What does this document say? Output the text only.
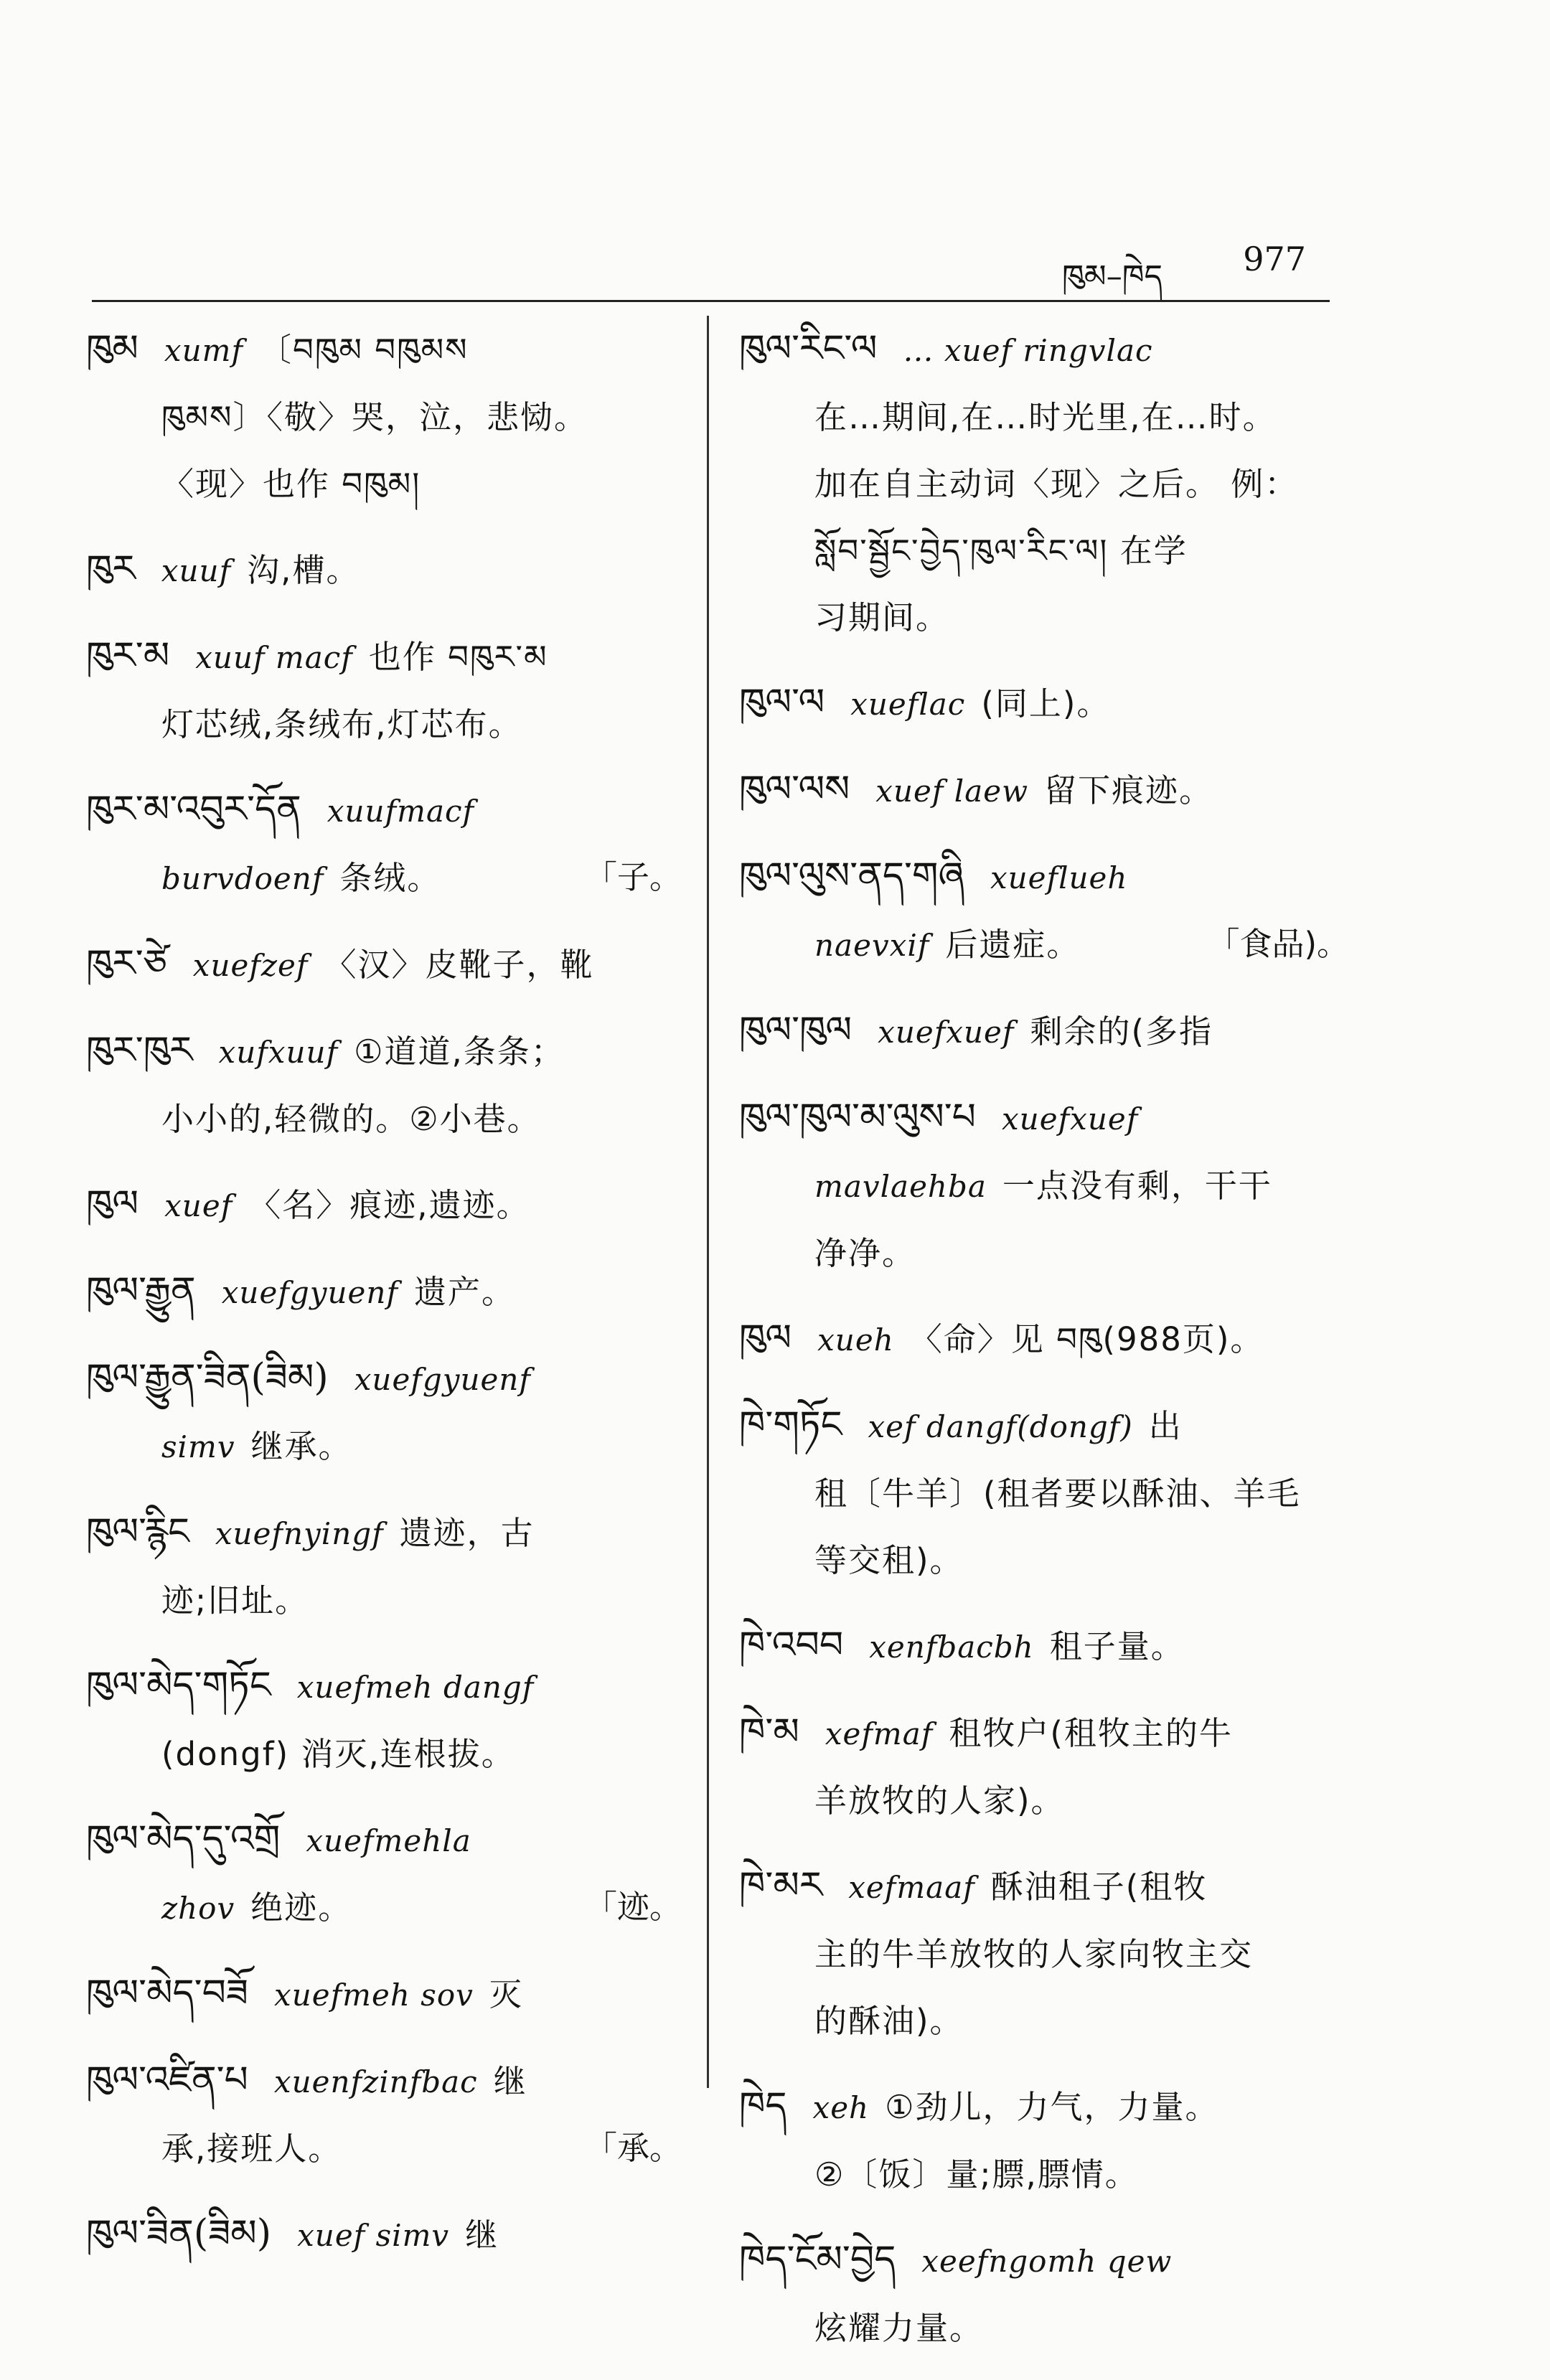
ཁུམ–ཁེད 977
ཁུམ xumf 〔བཁུམ བཁུམས
ཁུམས〕〈敬〉哭，泣，悲恸。
〈现〉也作 བཁུམ།
ཁུར xuuf 沟,槽。
ཁུར་མ xuuf macf 也作 བཁུར་མ
灯芯绒,条绒布,灯芯布。
ཁུར་མ་འབུར་དོན xuufmacf
burvdoenf 条绒。	「子。
ཁུར་ཙེ xuefzef 〈汉〉皮靴子，靴
ཁུར་ཁུར xufxuuf ①道道,条条；
小小的,轻微的。②小巷。
ཁུལ xuef 〈名〉痕迹,遗迹。
ཁུལ་རྒྱུན xuefgyuenf 遗产。
ཁུལ་རྒྱུན་ཟིན(ཟིམ) xuefgyuenf
simv 继承。
ཁུལ་རྙིང xuefnyingf 遗迹，古
迹;旧址。
ཁུལ་མེད་གཏོང xuefmeh dangf
(dongf) 消灭,连根拔。
ཁུལ་མེད་དུ་འགྲོ xuefmehla
zhov 绝迹。	「迹。
ཁུལ་མེད་བཟོ xuefmeh sov 灭
ཁུལ་འཛིན་པ xuenfzinfbac 继
承,接班人。	「承。
ཁུལ་ཟིན(ཟིམ) xuef simv 继
ཁུལ་རིང་ལ … xuef ringvlac
在…期间,在…时光里,在…时。
加在自主动词〈现〉之后。 例：
སློབ་སྦྱོང་བྱེད་ཁུལ་རིང་ལ། 在学
习期间。
ཁུལ་ལ xueflac (同上)。
ཁུལ་ལས xuef laew 留下痕迹。
ཁུལ་ལུས་ནད་གཞི xueflueh
naevxif 后遗症。	「食品)。
ཁུལ་ཁུལ xuefxuef 剩余的(多指
ཁུལ་ཁུལ་མ་ལུས་པ xuefxuef
mavlaehba 一点没有剩，干干
净净。
ཁུལ xueh 〈命〉见 བཁུ(988页)。
ཁེ་གཏོང xef dangf(dongf) 出
租〔牛羊〕(租者要以酥油、羊毛
等交租)。
ཁེ་འབབ xenfbacbh 租子量。
ཁེ་མ xefmaf 租牧户(租牧主的牛
羊放牧的人家)。
ཁེ་མར xefmaaf 酥油租子(租牧
主的牛羊放牧的人家向牧主交
的酥油)。
ཁེད xeh ①劲儿，力气，力量。
②〔饭〕量;膘,膘情。
ཁེད་ངོམ་བྱེད xeefngomh qew
炫耀力量。
